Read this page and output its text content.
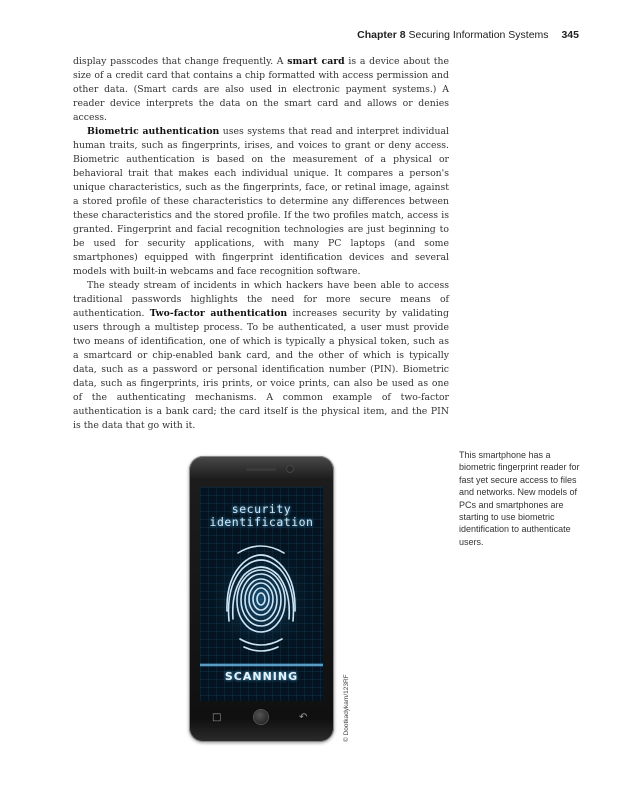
Chapter 8 Securing Information Systems 345

display passcodes that change frequently. A smart card is a device about the size of a credit card that contains a chip formatted with access permission and other data. (Smart cards are also used in electronic payment systems.) A reader device interprets the data on the smart card and allows or denies access.

Biometric authentication uses systems that read and interpret individual human traits, such as fingerprints, irises, and voices to grant or deny access. Biometric authentication is based on the measurement of a physical or behavioral trait that makes each individual unique. It compares a person's unique characteristics, such as the fingerprints, face, or retinal image, against a stored profile of these characteristics to determine any differences between these characteristics and the stored profile. If the two profiles match, access is granted. Fingerprint and facial recognition technologies are just beginning to be used for security applications, with many PC laptops (and some smartphones) equipped with fingerprint identification devices and several models with built-in webcams and face recognition software.

The steady stream of incidents in which hackers have been able to access traditional passwords highlights the need for more secure means of authentication. Two-factor authentication increases security by validating users through a multistep process. To be authenticated, a user must provide two means of identification, one of which is typically a physical token, such as a smartcard or chip-enabled bank card, and the other of which is typically data, such as a password or personal identification number (PIN). Biometric data, such as fingerprints, iris prints, or voice prints, can also be used as one of the authenticating mechanisms. A common example of two-factor authentication is a bank card; the card itself is the physical item, and the PIN is the data that go with it.

security
identification
SCANNING
□	↶	© Dootkadykam/123RF
This smartphone has a biometric fingerprint reader for fast yet secure access to files and networks. New models of PCs and smartphones are starting to use biometric identification to authenticate users.
